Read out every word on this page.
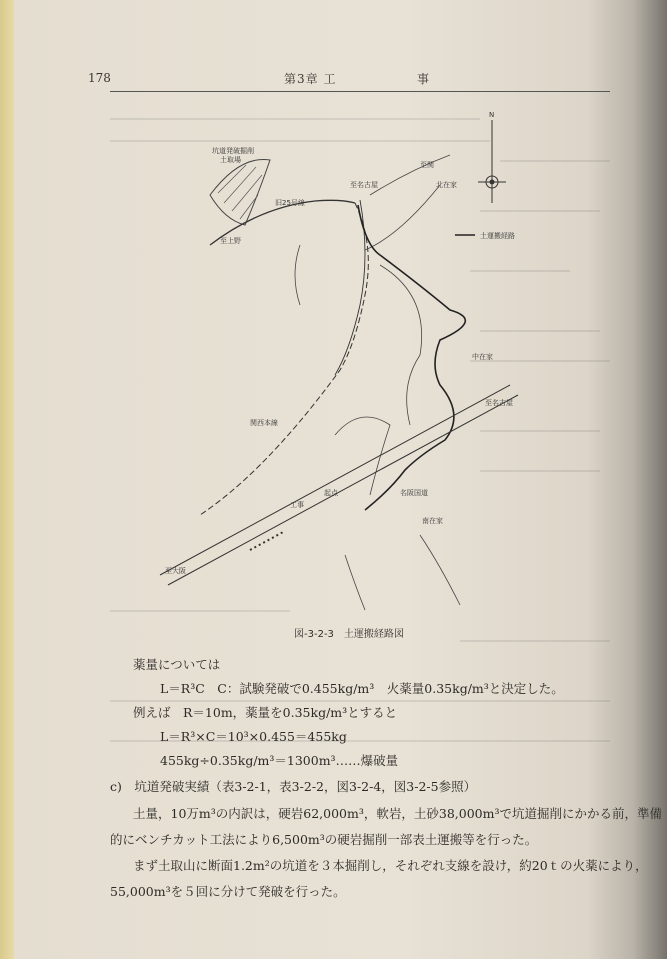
178	第3章 工	事
N
坑道発破掘削土取場
旧25号線
至上野
至名古屋
至関
北在家
土運搬経路
中在家
関西本線
至名古屋
名阪国道
工事
起点
南在家
至大阪
図-3-2-3　土運搬経路図
薬量については
L＝R³C　C：試験発破で0.455kg/m³　火薬量0.35kg/m³と決定した。
例えば　R＝10m，薬量を0.35kg/m³とすると
L＝R³×C＝10³×0.455＝455kg
455kg÷0.35kg/m³＝1300m³……爆破量
c)　坑道発破実績（表3-2-1，表3-2-2，図3-2-4，図3-2-5参照）
土量，10万m³の内訳は，硬岩62,000m³，軟岩，土砂38,000m³で坑道掘削にかかる前，準備
的にベンチカット工法により6,500m³の硬岩掘削一部表土運搬等を行った。
まず土取山に断面1.2m²の坑道を３本掘削し，それぞれ支線を設け，約20ｔの火薬により，
55,000m³を５回に分けて発破を行った。
